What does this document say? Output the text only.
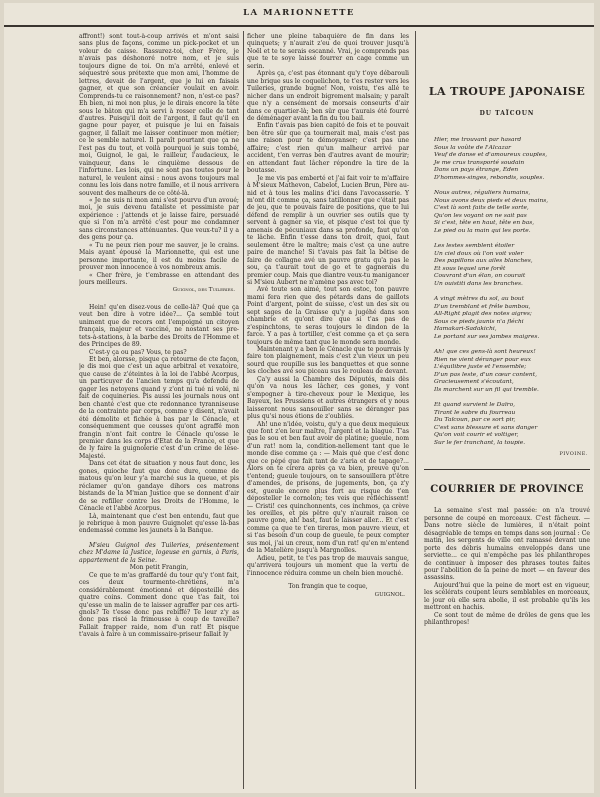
LA MARIONNETTE

affront!) sont tout-à-coup arrivés et m'ont saisi sans plus de façons, comme un pick-pocket et un voleur de caisse. Rassurez-toi, cher Frère, je n'avais pas déshonoré notre nom, et je suis toujours digne de toi. On m'a arrêté, enlevé et séquestré sous prétexte que mon ami, l'homme de lettres, devait de l'argent, que je lui en faisais gagner, et que son créancier voulait en avoir. Comprends-tu ce raisonnement? non, n'est-ce pas? Eh bien, ni moi non plus, je le dirais encore la tête sous le bâton qui m'a servi à rosser celle de tant d'autres. Puisqu'il doit de l'argent, il faut qu'il en gagne pour payer, et puisque je lui en faisais gagner, il fallait me laisser continuer mon métier; ce le semble naturel. Il paraît pourtant que ça ne l'est pas du tout, et voilà pourquoi je suis tombé, moi, Guignol, le gai, le railleur, l'audacieux, le vainqueur, dans le cinquième dessous de l'infortune. Les lois, qui ne sont pas toutes pour le naturel, le veulent ainsi : nous avons toujours mal connu les lois dans notre famille, et il nous arrivera souvent des malheurs de ce côté-là.

« Je ne suis ni mon ami s'est pourvu d'un avoué; moi, je suis devenu fataliste et pessimiste par expérience : j'attends et je laisse faire, persuadé que si l'on m'a arrêté c'est pour me condamner sans circonstances atténuantes. Que veux-tu? il y a des gens pour ça.

« Tu ne peux rien pour me sauver, je le crains. Mais ayant épousé la Marionnette, qui est une personne importante, il est du moins facile de prouver mon innocence à vos nombreux amis.

« Cher frère, je t'embrasse en attendant des jours meilleurs.

Guignol, des Tuileries.

Hein! qu'en disez-vous de celle-là? Qué que ça veut ben dire à votre idée?... Ça semble tout uniment que de recors ont l'empoigné un citoyen français, majeur et vacciné, ne nostant ses pre-tets-à-stations, à la barbe des Droits de l'Homme et des Principes de 89.

C'est-y ça ou pas? Vous, te pas?

Et ben, alorsse, pisque ça retourne de cte façon, je dis moi que c'est un aque arbitral et vexatoire, que cause de z'éteintes à la loi de l'abbé Acorpus, un particuyer de l'ancien temps qu'a defendu de gager les netoyens quand y z'ont ni tué ni volé, ni fait de coquineries. Pis aussi les journals nous ont ben chanté c'est que cte redonnance tyranniseuse de la contrainte par corps, comme y disent, n'avait été démolite et fichée à bas par le Cénacle, et conséquemment que ceusses qu'ont agraffé mon frangin n'ont fait contre le Cénacle qu'osse le premier dans les corps d'Etat de la France, et que de ly faire la guignolerie c'est d'un crime de lèse-Majesté.

Dans cet état de situation y nous faut donc, les gones, quioche faut que donc dure, comme de matous qu'on leur y'a marché sus la queue, et pis réclamer qu'on gandaye dihors ces matrons bistands de la M'man Justice que se donnent d'air de se refiller contre les Droits de l'Homme, le Cénacle et l'abbé Acorpus.

Là, maintenant que c'est ben entendu, faut que je rebrique à mon pauvre Guignolet qu'esse là-bas endemassé comme les jaunets à la Banque.

M'sieu Guignol des Tuileries, présentement chez M'dame la Justice, logeuse en garnis, à Paris, appartement de la Seine.

Mon petit Frangin,

Ce que te m'as graffardé du tour qu'y t'ont fait, ces deux tourmente-chrétiens, m'a considérablement émotionné et déposteillé des quatre coins. Comment donc que t'as fait, toi qu'esse un malin de te laisser agraffer par ces arti-gnols? Te t'esse donc pas rebiffé? Te leur z'y as donc pas riscé la frimousse à coup de taveille? Fallait frapper raide, nom d'un rat! Et pisque t'avais à faire à un commissaire-priseur fallait ly

ficher une pleine tabaquière de fin dans les quinquets; y n'aurait z'eu de quoi trouver jusqu'à Noël et te te serais escanné. Vrai, je comprends pas que te te soye laissé fourrer en cage comme un serin.

Après ça, c'est pas étonnant qu'y t'oye débarouli une brique sus le coquelichon, te t'es rester vers les Tuileries, grande bugne! Non, voistu, t'es allé te nicher dans un endroit bigrement malsain; y paraît que n'y a censément de morsais conseurts d'air dans ce quartier-là; ben sûr que t'aurais été fourré de déménager avant la fin du tou bail.

Enfin t'avais pas bien capitó de fois et te pouvait ben être sûr que ça tournerait mal, mais c'est pas une raison pour te démoyanser; c'est pas une affaire; c'est rien qu'un malheur arrivé par accident, t'en verras ben d'autres avant de mourir; en attendant faut lâcher répondre la tire de la boutasse.

Je me vis pas emberté et j'ai fait voir te m'affaire à M'sieux Mathevon, Cabelot, Lucien Brun, Père au-nid et à tous les malins d'ici dans l'avocasserie. Y m'ont dit comme ça, sans tatillonner que c'était pas de jeu, que te pouvais faire de positions, que te lui défend de remplir à un ouvrier ses outils que ty servent à gagner sa vie, et pisque c'est toi que ty amenais de pécuniaux dans sa profonde, faut qu'on te lâche. Enfin t'esse dans ton droit, quoi, faut seulement être le maître; mais c'est ça une autre paire de manche! Si t'avais pas fait la bêtise de faire de collagne avé un pauvre gratu qu'a pas le sou, ça t'aurait tout de go et te gagnerais du premier coup. Mais que diantre veux-tu manigancer si M'sieu Aubert ne n'amène pas avec toi?

Avé toute son aimé, tout son estoc, ton pauvre mami fera rien que des pétards dans de gaillots Point d'argent, point de suisse, c'est un des six ou sept sages de la Graisse qu'y a jugéhé dans son chambrie et qu'ont dire que si t'as pas de z'espinchtons, te seras toujours le dindon de la farce. Y a pas à tortiller, c'est comme ça et ça sera toujours de même tant que le monde sera monde.

Maintenant y a ben le Cénacle que te pourrais ly faire ton plaignement, mais c'est z'un vieux un peu sourd que roupille sus les banquettes et que sonne les cloches avé sou piceau sus le rouleau de devant.

Ça'y aussi la Chambre des Députés, mais dès qu'on va nous les lâcher, ces gones, y vont s'empogner à tire-cheveux pour le Mexique, les Bayeux, les Prussiens et autres étrangers et y nous laisseront nous sansouiller sans se déranger pas plus qu'si nous étions de z'oubliés.

Ah! une n'idée, voistu, qu'y a que deux mequieux que font z'en leur maître, l'argent et la blague. T'as pas le sou et ben faut avoir de platine; gueule, nom d'un rat! nom la, condition-nellement tant que le monde dise comme ça : — Mais qué que c'est donc que ce pépé que fait tant de z'aria et de tapage?... Alors on te cirera après ça va bien, preuve qu'on t'entend; gueule toujours, on te sansouillera pt'être d'amendes, de prisons, de jugements, bon, ça z'y est, gueule encore plus fort au risque de t'en déposteller le cornolon; tes veis que réfléchissent! — Cristi! ces quinchonnents, ces inchmos, ça crève les oreilles, et pis pêtre qu'y n'aurait raison ce pauvre gone, ah! bast, faut le laisser aller... Et c'est comme ça que te t'en tireras, mon pauvre vieux, et si t'as besoin d'un coup de gueule, te peux compter sus moi, j'ai un creux, nom d'un rat! qu'en m'entend de la Matelière jusqu'à Margnolles.

Adieu, petit, te t'es pas trop de mauvais sangue, qu'arrivera toujours un moment que la vertu de l'innocence réduira comme un cheln bien mouché.

Ton frangin que te coque,

GUIGNOL.
LA TROUPE JAPONAISE
DU TAÏCOUN
Hier, me trouvant par hasard
Sous la voûte de l'Alcazar
Veuf de danse et d'amoureux couples,
Je me crus transporté soudain
Dans un pays étrange, Eden
D'hommes-singes, rebondis, souples.
Nous autres, réguliers humains,
Nous avons deux pieds et deux mains,
C'est là sont faits de telle sorte,
Qu'on les voyant on ne sait pas
Si c'est, tête en haut, tête en bas,
Le pied ou la main qui les porte.
Les lestes semblent étoiler
Un ciel doux où l'on voit voler
Des papillons aux ailes blanches,
Et sous lequel une forêt
Couvrant d'un élan, on courait
Un ouistiti dans les branches.
A vingt mètres du sol, au bout
D'un tremblant et frêle bambou,
All-Right plagit des notes aigres;
Sous ce pieds jaunis n'a fléchi
Hamakari-Sadakichi,
Le portant sur ses jambes maigres.
Ah! que ces gens-là sont heureux!
Rien ne vient déranger pour eux
L'équilibre juste et l'ensemble;
D'un pas leste, d'un cœur content,
Gracieusement s'écoutant,
Ils marchent sur un fil qui tremble.
Et quand survient le Daïro,
Tirant le sabre du fourreau
Du Taïcoun, par ce sort pir,
C'est sans blessure et sans danger
Qu'on voit courir et voltiger,
Sur le fer tranchant, la toupie.
PIVOINE.
COURRIER DE PROVINCE

La semaine s'est mal passée: on n'a trouvé personne de coupé en morceaux. C'est fâcheux. — Dans notre siècle de lumières, il n'était point désagréable de temps en temps dans son journal : Ce matin, les sergents de ville ont ramassé devant une porte des débris humains enveloppés dans une serviette... ce qui n'empêche pas les philanthropes de continuer à imposer des phrases toutes faites pour l'abolition de la peine de mort — en faveur des assassins.

Aujourd'hui que la peine de mort est en vigueur, les scélérats coupent leurs semblables en morceaux, le jour où elle sera abolie, il est probable qu'ils les mettront en hachis.

Ce sont tout de même de drôles de gens que les philanthropes!
